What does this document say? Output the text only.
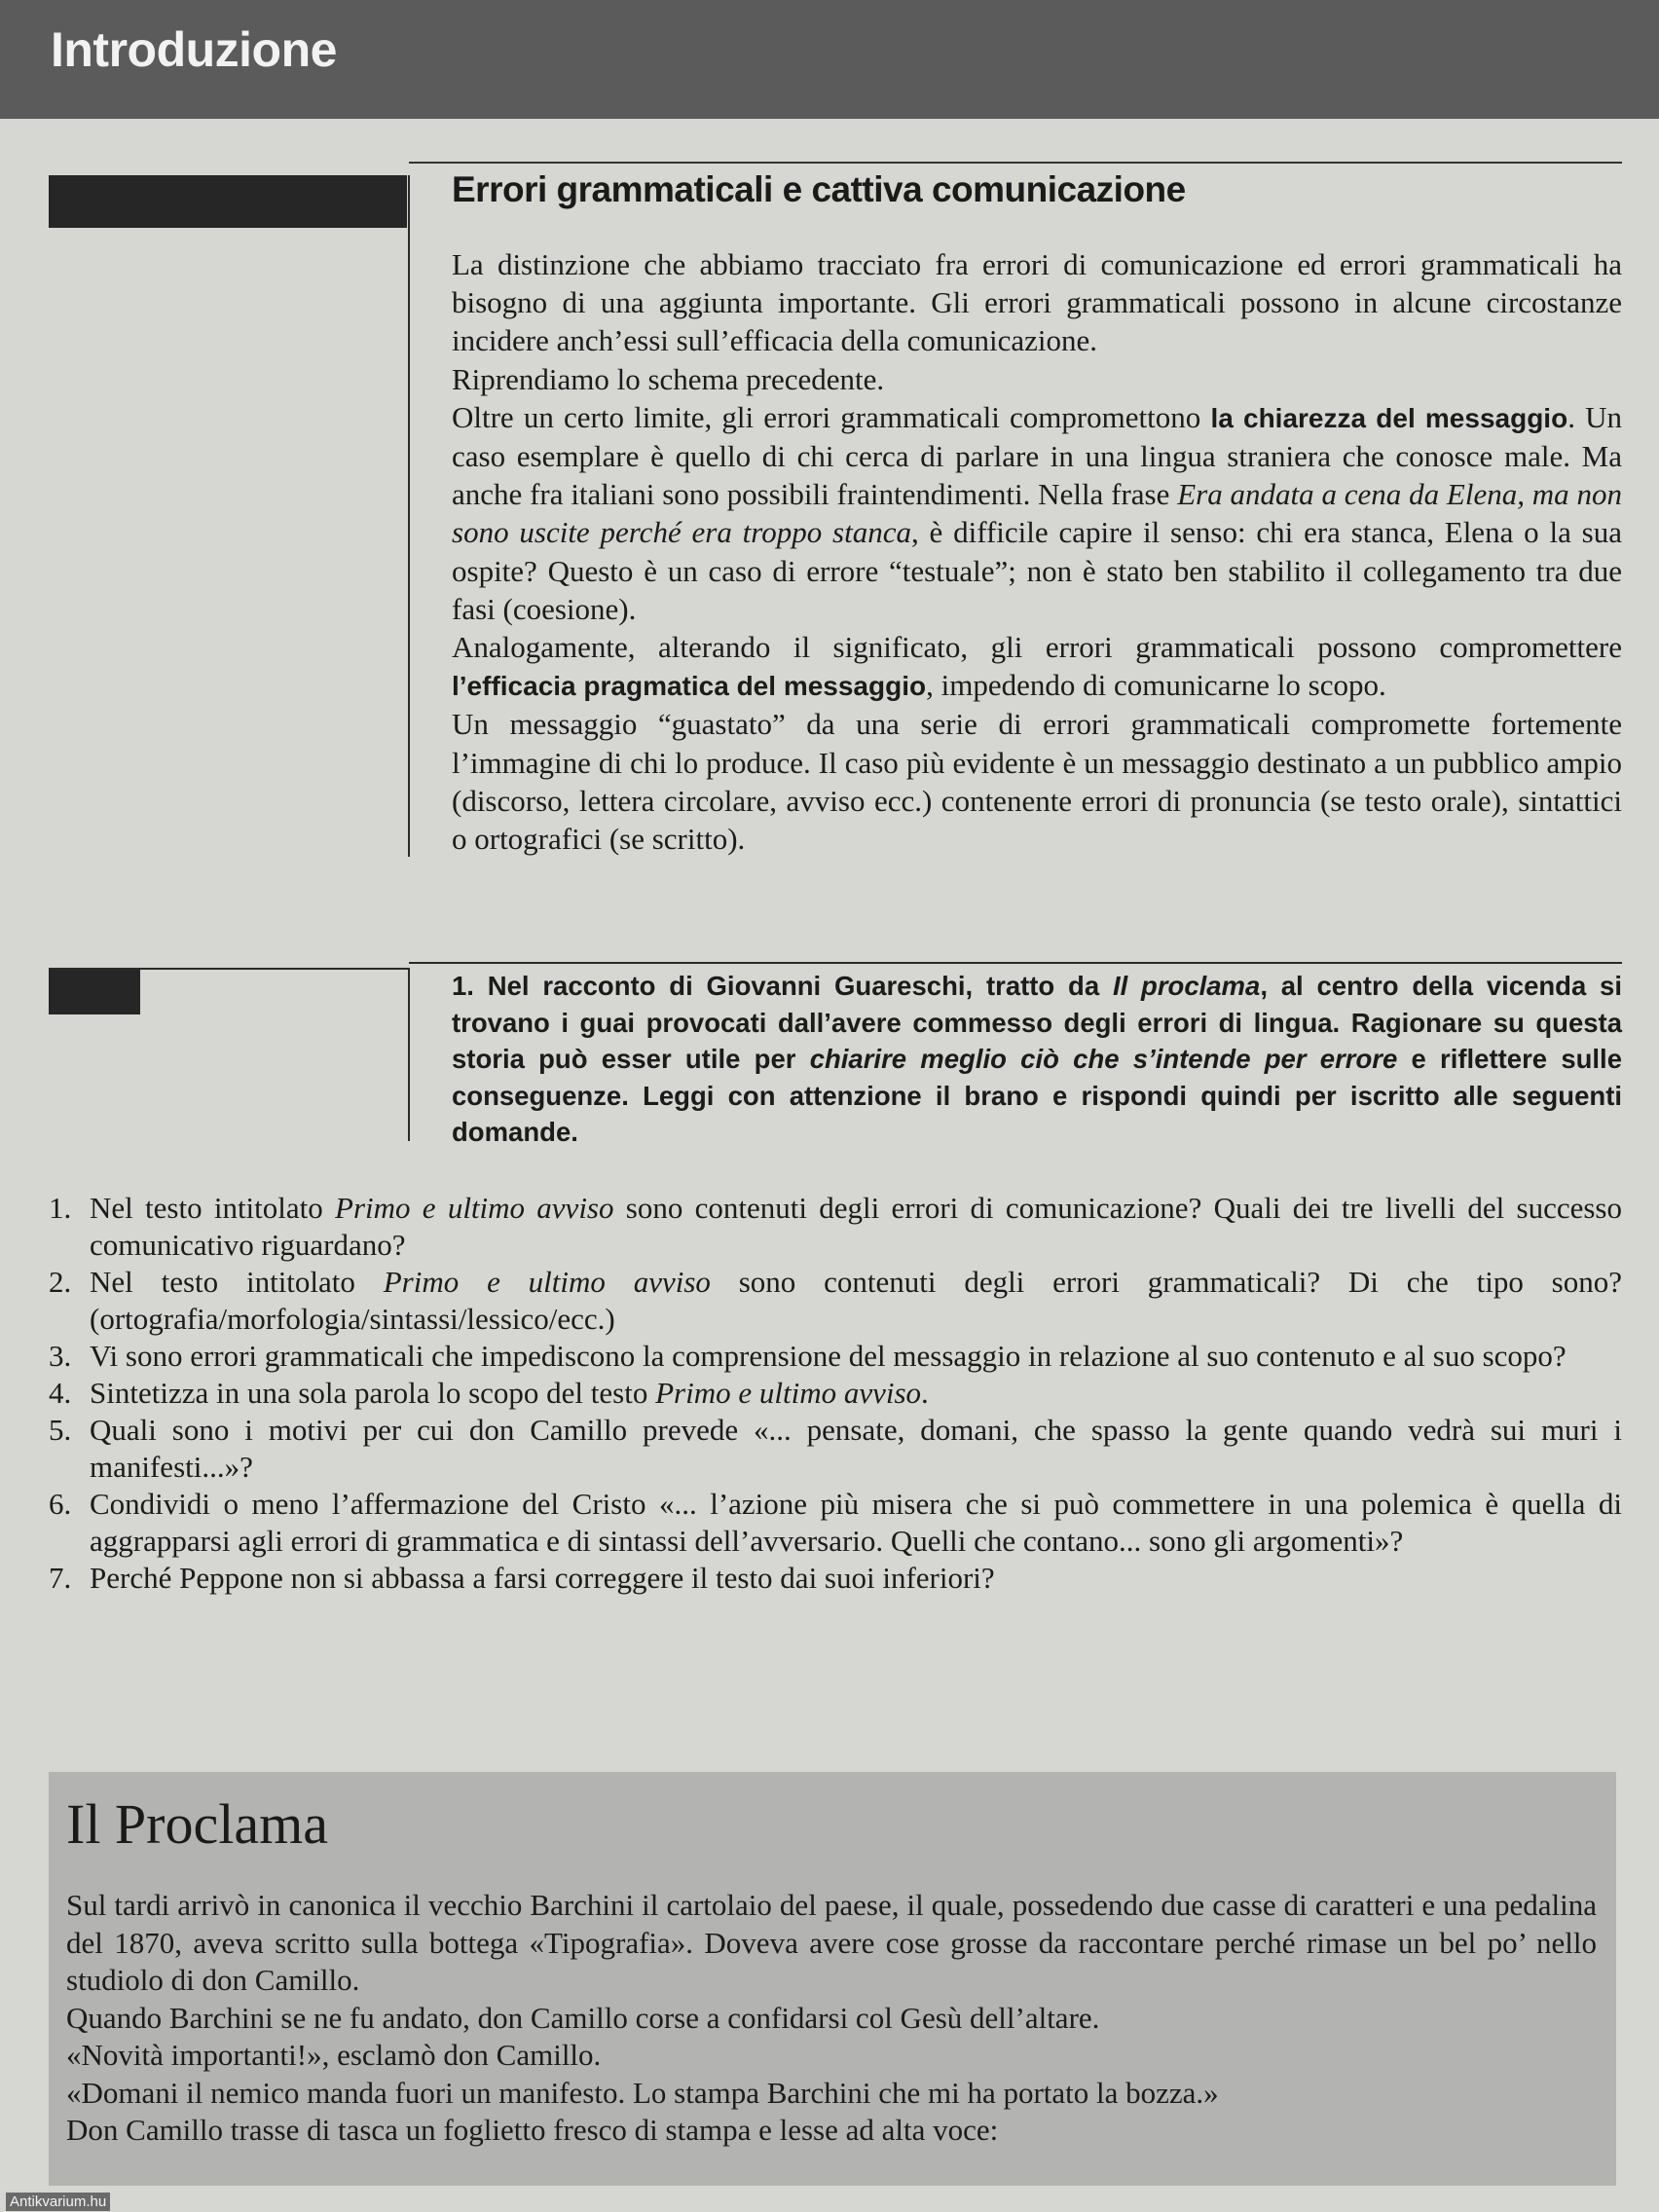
Introduzione
Errori grammaticali e cattiva comunicazione

La distinzione che abbiamo tracciato fra errori di comunicazione ed errori grammaticali ha bisogno di una aggiunta importante. Gli errori grammaticali possono in alcune circostanze incidere anch’essi sull’efficacia della comunicazione.

Riprendiamo lo schema precedente.

Oltre un certo limite, gli errori grammaticali compromettono la chiarezza del messaggio. Un caso esemplare è quello di chi cerca di parlare in una lingua straniera che conosce male. Ma anche fra italiani sono possibili fraintendimenti. Nella frase Era andata a cena da Elena, ma non sono uscite perché era troppo stanca, è difficile capire il senso: chi era stanca, Elena o la sua ospite? Questo è un caso di errore “testuale”; non è stato ben stabilito il collegamento tra due fasi (coesione).

Analogamente, alterando il significato, gli errori grammaticali possono compromettere l’efficacia pragmatica del messaggio, impedendo di comunicarne lo scopo.

Un messaggio “guastato” da una serie di errori grammaticali compromette fortemente l’immagine di chi lo produce. Il caso più evidente è un messaggio destinato a un pubblico ampio (discorso, lettera circolare, avviso ecc.) contenente errori di pronuncia (se testo orale), sintattici o ortografici (se scritto).

1. Nel racconto di Giovanni Guareschi, tratto da Il proclama, al centro della vicenda si trovano i guai provocati dall’avere commesso degli errori di lingua. Ragionare su questa storia può esser utile per chiarire meglio ciò che s’intende per errore e riflettere sulle conseguenze. Leggi con attenzione il brano e rispondi quindi per iscritto alle seguenti domande.
1. Nel testo intitolato Primo e ultimo avviso sono contenuti degli errori di comunicazione? Quali dei tre livelli del successo comunicativo riguardano?
2. Nel testo intitolato Primo e ultimo avviso sono contenuti degli errori grammaticali? Di che tipo sono? (ortografia/morfologia/sintassi/lessico/ecc.)
3. Vi sono errori grammaticali che impediscono la comprensione del messaggio in relazione al suo contenuto e al suo scopo?
4. Sintetizza in una sola parola lo scopo del testo Primo e ultimo avviso.
5. Quali sono i motivi per cui don Camillo prevede «... pensate, domani, che spasso la gente quando vedrà sui muri i manifesti...»?
6. Condividi o meno l’affermazione del Cristo «... l’azione più misera che si può commettere in una polemica è quella di aggrapparsi agli errori di grammatica e di sintassi dell’avversario. Quelli che contano... sono gli argomenti»?
7. Perché Peppone non si abbassa a farsi correggere il testo dai suoi inferiori?
Il Proclama

Sul tardi arrivò in canonica il vecchio Barchini il cartolaio del paese, il quale, possedendo due casse di caratteri e una pedalina del 1870, aveva scritto sulla bottega «Tipografia». Doveva avere cose grosse da raccontare perché rimase un bel po’ nello studiolo di don Camillo.

Quando Barchini se ne fu andato, don Camillo corse a confidarsi col Gesù dell’altare.

«Novità importanti!», esclamò don Camillo.

«Domani il nemico manda fuori un manifesto. Lo stampa Barchini che mi ha portato la bozza.»

Don Camillo trasse di tasca un foglietto fresco di stampa e lesse ad alta voce:

Antikvarium.hu
